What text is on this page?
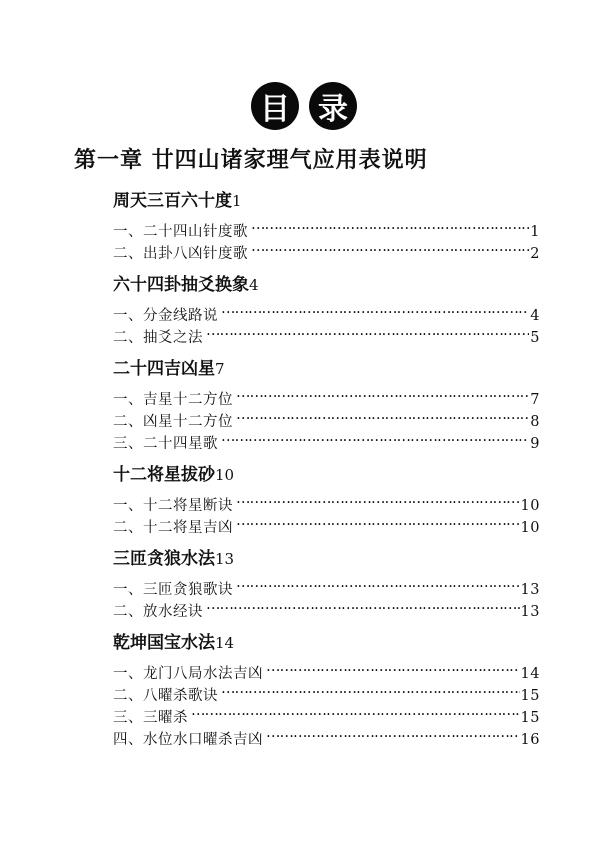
目 录
第一章 廿四山诸家理气应用表说明
周天三百六十度1
一、 二十四山针度歌 …………………………………………………………………………………………………………………………	1
二、 出卦八凶针度歌 …………………………………………………………………………………………………………………………	2
六十四卦抽爻换象4
一、 分金线路说 …………………………………………………………………………………………………………………………	4
二、 抽爻之法 …………………………………………………………………………………………………………………………	5
二十四吉凶星7
一、 吉星十二方位 …………………………………………………………………………………………………………………………	7
二、 凶星十二方位 …………………………………………………………………………………………………………………………	8
三、 二十四星歌 …………………………………………………………………………………………………………………………	9
十二将星拔砂10
一、 十二将星断诀 …………………………………………………………………………………………………………………………	10
二、 十二将星吉凶 …………………………………………………………………………………………………………………………	10
三匝贪狼水法13
一、 三匝贪狼歌诀 …………………………………………………………………………………………………………………………	13
二、 放水经诀 …………………………………………………………………………………………………………………………	13
乾坤国宝水法14
一、 龙门八局水法吉凶 …………………………………………………………………………………………………………………………	14
二、 八曜杀歌诀 …………………………………………………………………………………………………………………………	15
三、 三曜杀 …………………………………………………………………………………………………………………………	15
四、 水位水口曜杀吉凶 …………………………………………………………………………………………………………………………	16
